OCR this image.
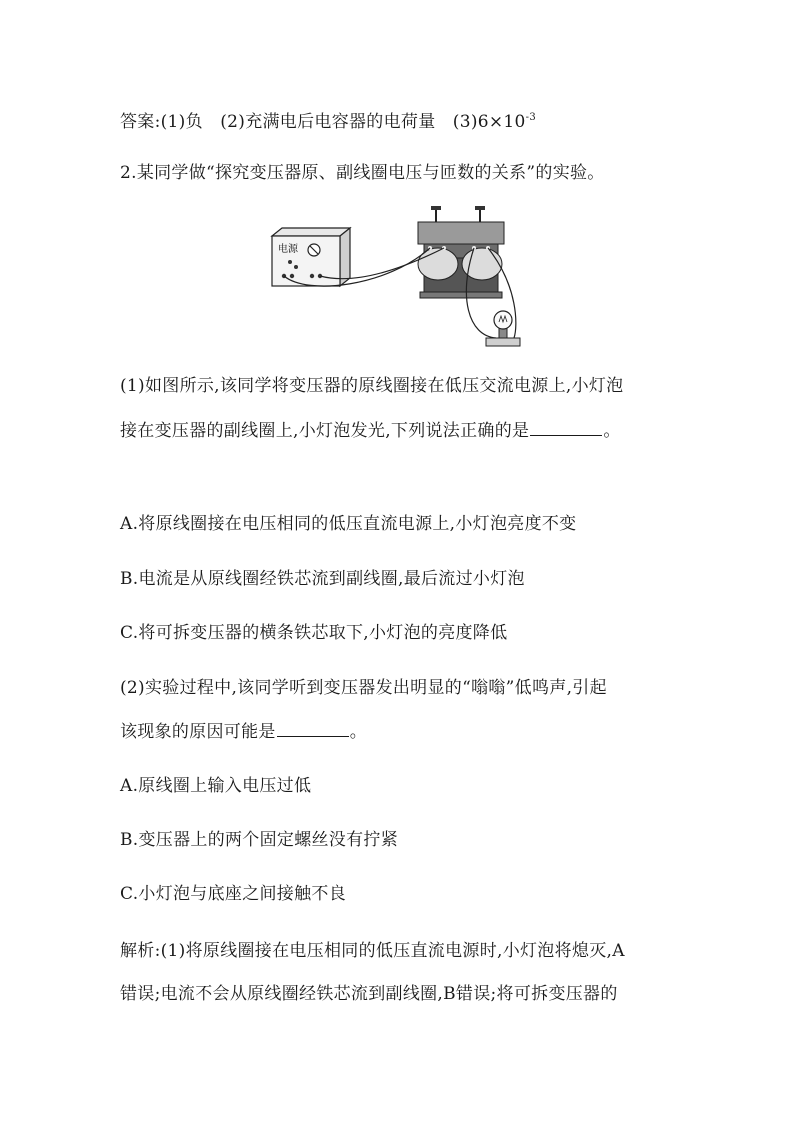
答案:(1)负　(2)充满电后电容器的电荷量　$(3)6\times 10^{-3}$
2.某同学做“探究变压器原、副线圈电压与匝数的关系”的实验。
电源
(1)如图所示,该同学将变压器的原线圈接在低压交流电源上,小灯泡
接在变压器的副线圈上,小灯泡发光,下列说法正确的是	。
A.将原线圈接在电压相同的低压直流电源上,小灯泡亮度不变
B.电流是从原线圈经铁芯流到副线圈,最后流过小灯泡
C.将可拆变压器的横条铁芯取下,小灯泡的亮度降低
(2)实验过程中,该同学听到变压器发出明显的“嗡嗡”低鸣声,引起
该现象的原因可能是	。
A.原线圈上输入电压过低
B.变压器上的两个固定螺丝没有拧紧
C.小灯泡与底座之间接触不良
解析:(1)将原线圈接在电压相同的低压直流电源时,小灯泡将熄灭,A
错误;电流不会从原线圈经铁芯流到副线圈,B错误;将可拆变压器的
